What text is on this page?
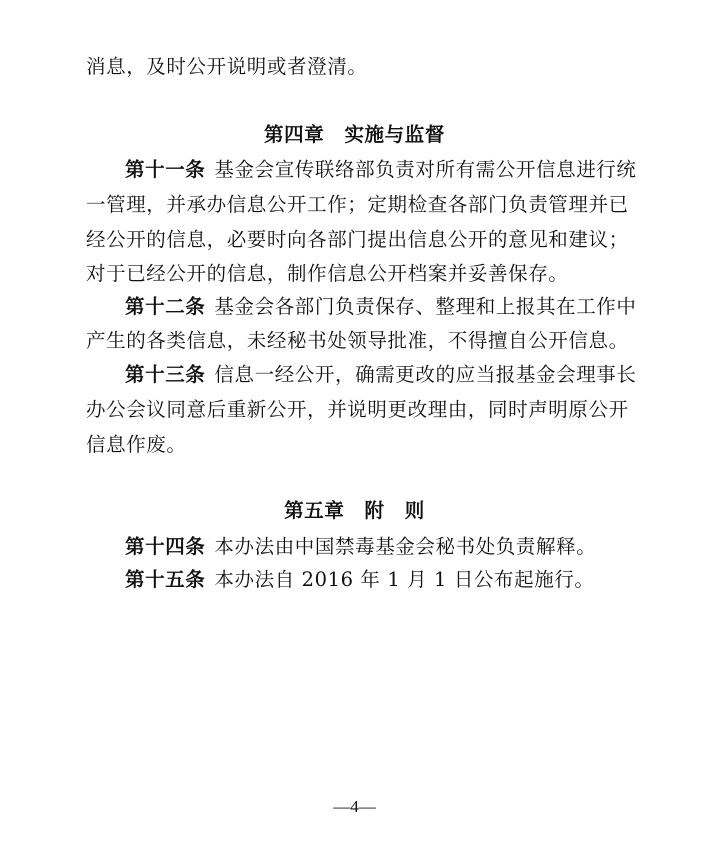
消息，及时公开说明或者澄清。
第四章　实施与监督
第十一条 基金会宣传联络部负责对所有需公开信息进行统
一管理，并承办信息公开工作；定期检查各部门负责管理并已
经公开的信息，必要时向各部门提出信息公开的意见和建议；
对于已经公开的信息，制作信息公开档案并妥善保存。
第十二条 基金会各部门负责保存、整理和上报其在工作中
产生的各类信息，未经秘书处领导批准，不得擅自公开信息。
第十三条 信息一经公开，确需更改的应当报基金会理事长
办公会议同意后重新公开，并说明更改理由，同时声明原公开
信息作废。
第五章　附　则
第十四条 本办法由中国禁毒基金会秘书处负责解释。
第十五条 本办法自 2016 年 1 月 1 日公布起施行。
—4—
